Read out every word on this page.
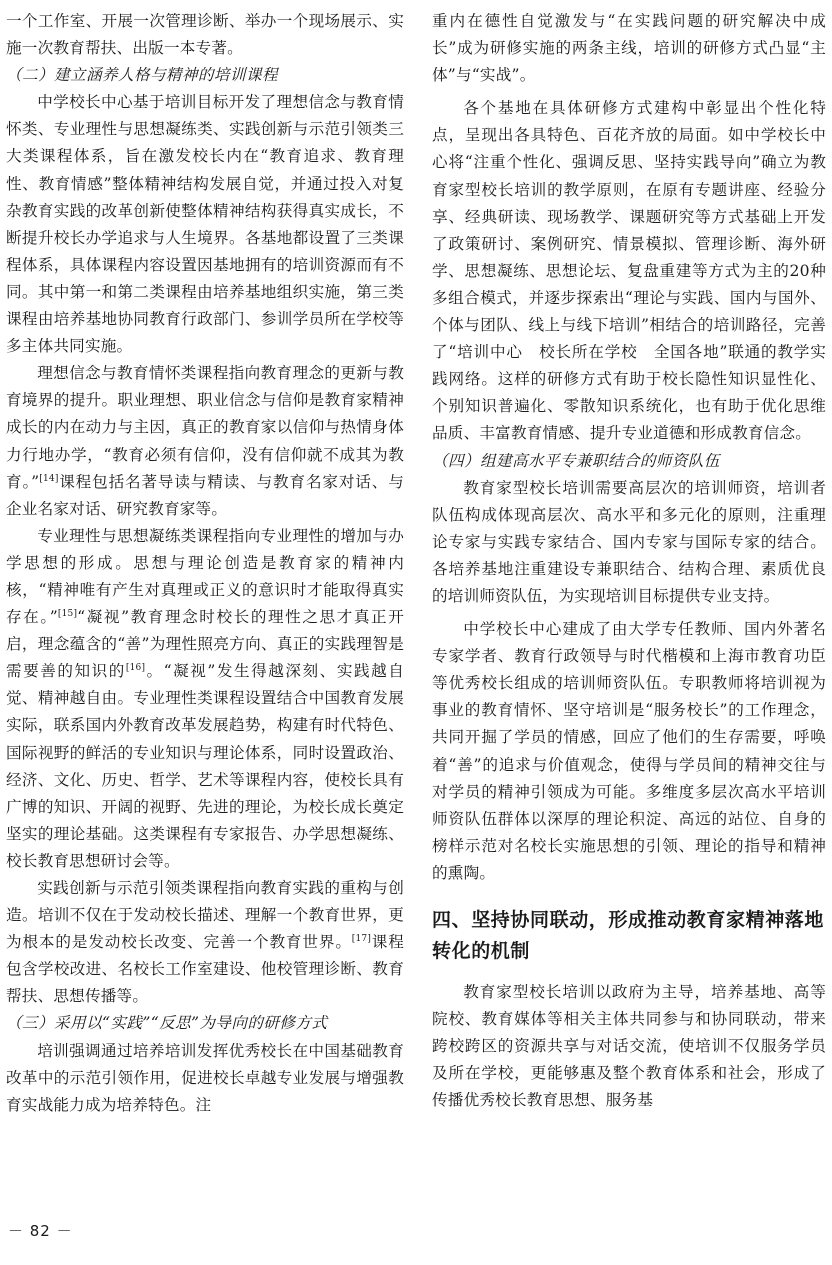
一个工作室、开展一次管理诊断、举办一个现场展示、实施一次教育帮扶、出版一本专著。

（二）建立涵养人格与精神的培训课程

中学校长中心基于培训目标开发了理想信念与教育情怀类、专业理性与思想凝练类、实践创新与示范引领类三大类课程体系，旨在激发校长内在“教育追求、教育理性、教育情感”整体精神结构发展自觉，并通过投入对复杂教育实践的改革创新使整体精神结构获得真实成长，不断提升校长办学追求与人生境界。各基地都设置了三类课程体系，具体课程内容设置因基地拥有的培训资源而有不同。其中第一和第二类课程由培养基地组织实施，第三类课程由培养基地协同教育行政部门、参训学员所在学校等多主体共同实施。

理想信念与教育情怀类课程指向教育理念的更新与教育境界的提升。职业理想、职业信念与信仰是教育家精神成长的内在动力与主因，真正的教育家以信仰与热情身体力行地办学，“教育必须有信仰，没有信仰就不成其为教育。”[14]课程包括名著导读与精读、与教育名家对话、与企业名家对话、研究教育家等。

专业理性与思想凝练类课程指向专业理性的增加与办学思想的形成。思想与理论创造是教育家的精神内核，“精神唯有产生对真理或正义的意识时才能取得真实存在。”[15]“凝视”教育理念时校长的理性之思才真正开启，理念蕴含的“善”为理性照亮方向、真正的实践理智是需要善的知识的[16]。“凝视”发生得越深刻、实践越自觉、精神越自由。专业理性类课程设置结合中国教育发展实际，联系国内外教育改革发展趋势，构建有时代特色、国际视野的鲜活的专业知识与理论体系，同时设置政治、经济、文化、历史、哲学、艺术等课程内容，使校长具有广博的知识、开阔的视野、先进的理论，为校长成长奠定坚实的理论基础。这类课程有专家报告、办学思想凝练、校长教育思想研讨会等。

实践创新与示范引领类课程指向教育实践的重构与创造。培训不仅在于发动校长描述、理解一个教育世界，更为根本的是发动校长改变、完善一个教育世界。[17]课程包含学校改进、名校长工作室建设、他校管理诊断、教育帮扶、思想传播等。

（三）采用以“实践”“反思”为导向的研修方式

培训强调通过培养培训发挥优秀校长在中国基础教育改革中的示范引领作用，促进校长卓越专业发展与增强教育实战能力成为培养特色。注

重内在德性自觉激发与“在实践问题的研究解决中成长”成为研修实施的两条主线，培训的研修方式凸显“主体”与“实战”。

各个基地在具体研修方式建构中彰显出个性化特点，呈现出各具特色、百花齐放的局面。如中学校长中心将“注重个性化、强调反思、坚持实践导向”确立为教育家型校长培训的教学原则，在原有专题讲座、经验分享、经典研读、现场教学、课题研究等方式基础上开发了政策研讨、案例研究、情景模拟、管理诊断、海外研学、思想凝练、思想论坛、复盘重建等方式为主的20种多组合模式，并逐步探索出“理论与实践、国内与国外、个体与团队、线上与线下培训”相结合的培训路径，完善了“培训中心　校长所在学校　全国各地”联通的教学实践网络。这样的研修方式有助于校长隐性知识显性化、个别知识普遍化、零散知识系统化，也有助于优化思维品质、丰富教育情感、提升专业道德和形成教育信念。

（四）组建高水平专兼职结合的师资队伍

教育家型校长培训需要高层次的培训师资，培训者队伍构成体现高层次、高水平和多元化的原则，注重理论专家与实践专家结合、国内专家与国际专家的结合。各培养基地注重建设专兼职结合、结构合理、素质优良的培训师资队伍，为实现培训目标提供专业支持。

中学校长中心建成了由大学专任教师、国内外著名专家学者、教育行政领导与时代楷模和上海市教育功臣等优秀校长组成的培训师资队伍。专职教师将培训视为事业的教育情怀、坚守培训是“服务校长”的工作理念，共同开掘了学员的情感，回应了他们的生存需要，呼唤着“善”的追求与价值观念，使得与学员间的精神交往与对学员的精神引领成为可能。多维度多层次高水平培训师资队伍群体以深厚的理论积淀、高远的站位、自身的榜样示范对名校长实施思想的引领、理论的指导和精神的熏陶。

四、坚持协同联动，形成推动教育家精神落地转化的机制

教育家型校长培训以政府为主导，培养基地、高等院校、教育媒体等相关主体共同参与和协同联动，带来跨校跨区的资源共享与对话交流，使培训不仅服务学员及所在学校，更能够惠及整个教育体系和社会，形成了传播优秀校长教育思想、服务基

－ 82 －
